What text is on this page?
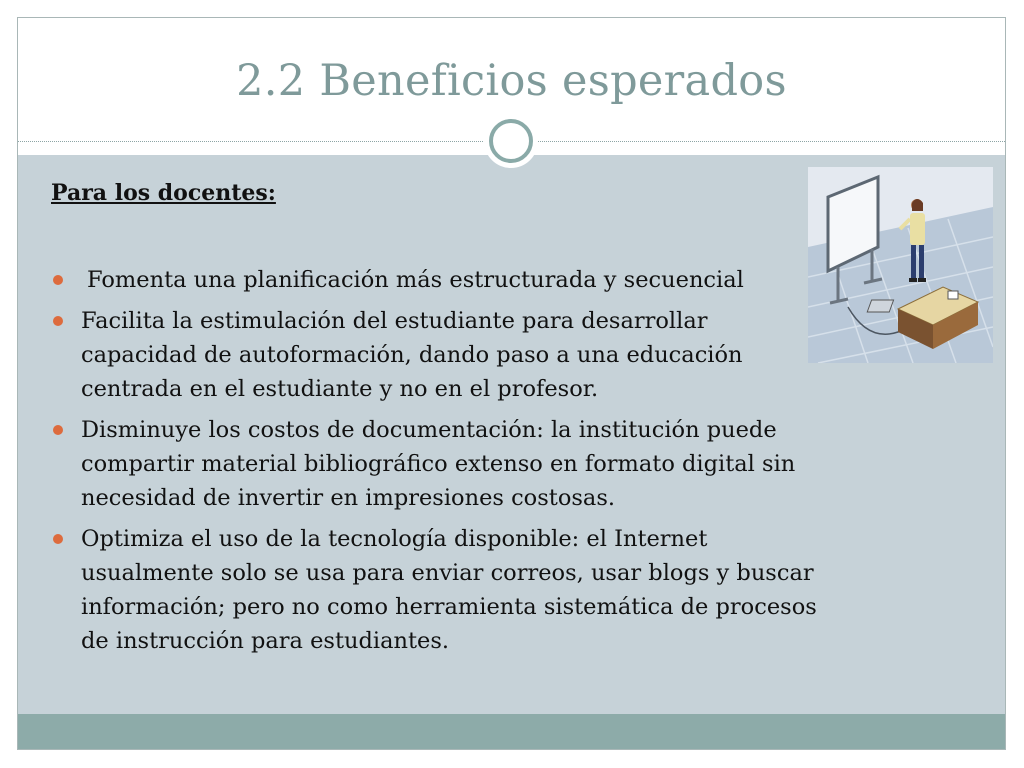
2.2 Beneficios esperados

Para los docentes:

Fomenta una planificación más estructurada y secuencial
Facilita la estimulación del estudiante para desarrollar capacidad de autoformación, dando paso a una educación centrada en el estudiante y no en el profesor.
Disminuye los costos de documentación: la institución puede compartir material bibliográfico extenso en formato digital sin necesidad de invertir en impresiones costosas.
Optimiza el uso de la tecnología disponible: el Internet usualmente solo se usa para enviar correos, usar blogs y buscar información; pero no como herramienta sistemática de procesos de instrucción para estudiantes.
